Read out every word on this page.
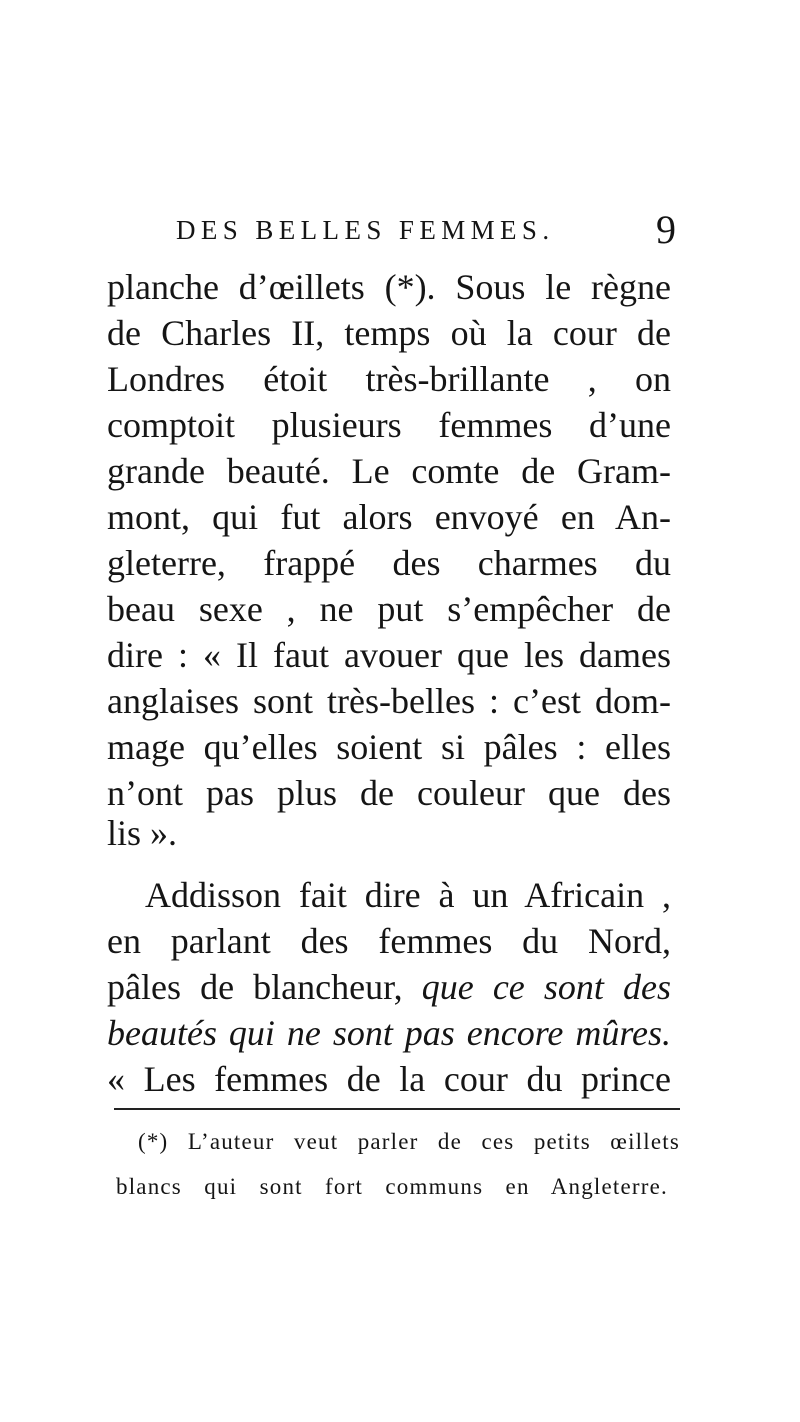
DES BELLES FEMMES.	9
planche d’œillets (*). Sous le règne
de Charles II, temps où la cour de
Londres étoit très-brillante , on
comptoit plusieurs femmes d’une
grande beauté. Le comte de Gram-
mont, qui fut alors envoyé en An-
gleterre, frappé des charmes du
beau sexe , ne put s’empêcher de
dire : « Il faut avouer que les dames
anglaises sont très-belles : c’est dom-
mage qu’elles soient si pâles : elles
n’ont pas plus de couleur que des
lis ».
Addisson fait dire à un Africain ,
en parlant des femmes du Nord,
pâles de blancheur, que ce sont des
beautés qui ne sont pas encore mûres.
« Les femmes de la cour du prince
(*) L’auteur veut parler de ces petits œillets
blancs qui sont fort communs en Angleterre.
